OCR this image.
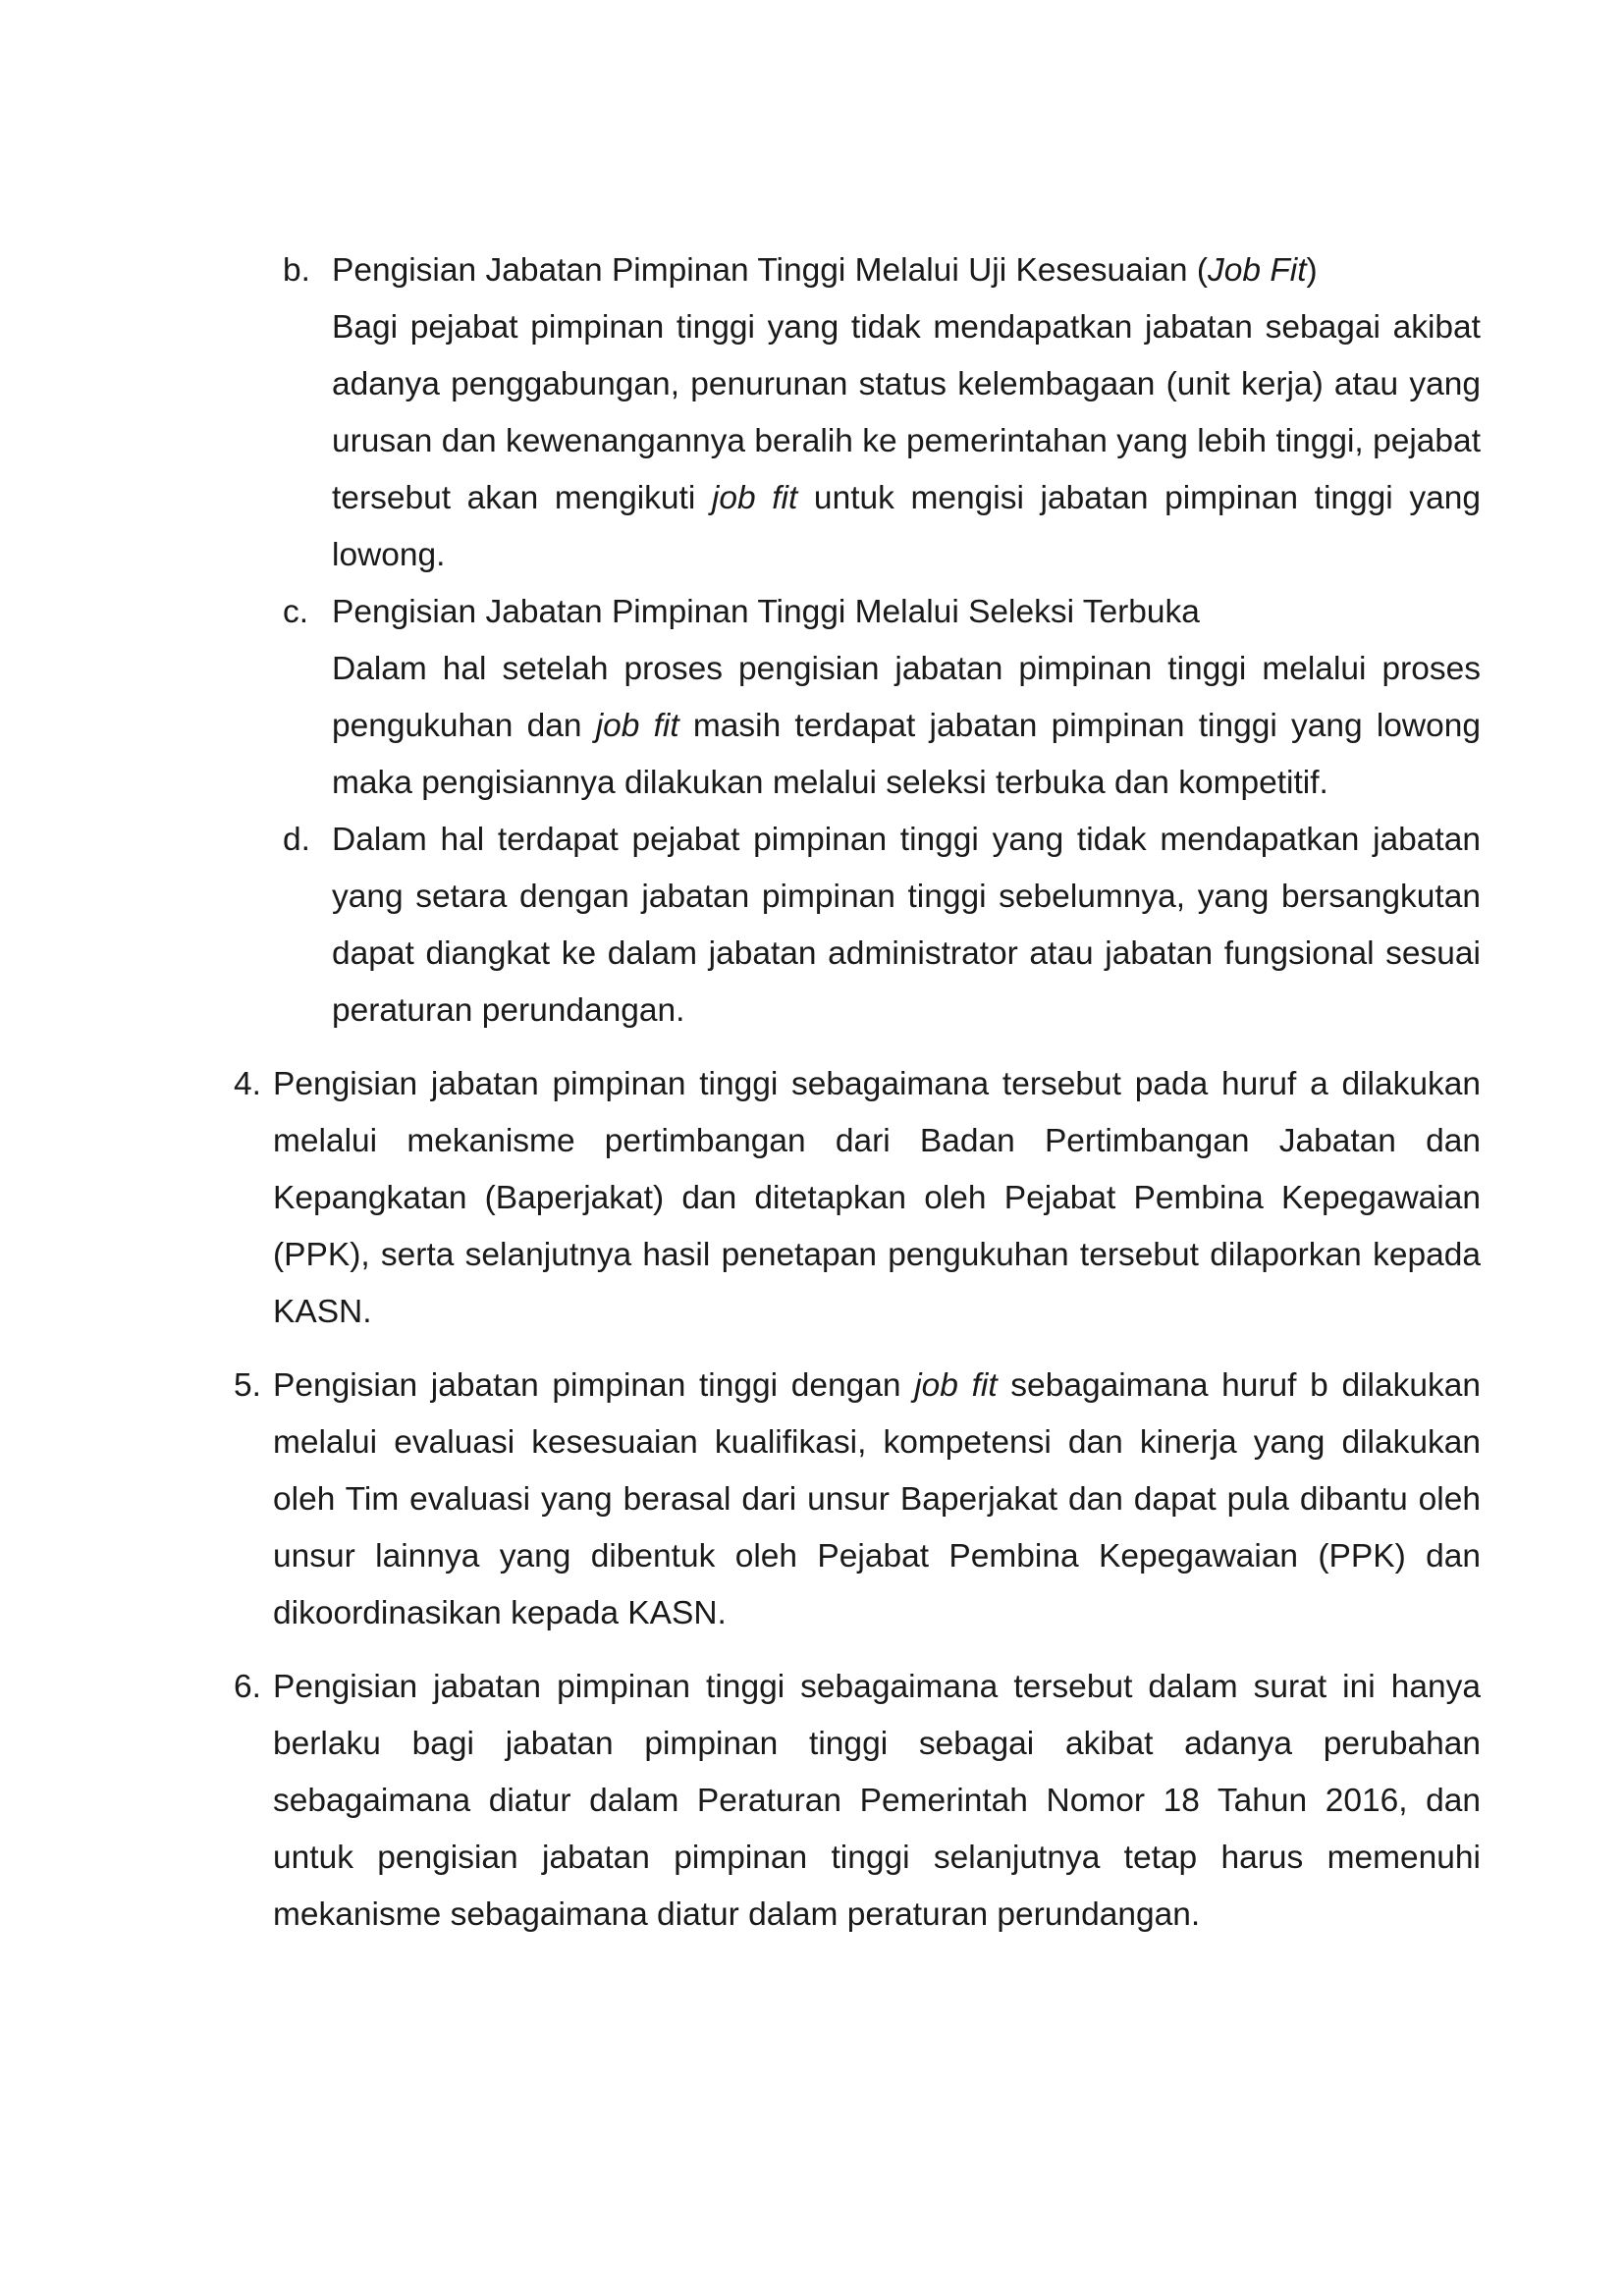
b. Pengisian Jabatan Pimpinan Tinggi Melalui Uji Kesesuaian (Job Fit)
Bagi pejabat pimpinan tinggi yang tidak mendapatkan jabatan sebagai akibat adanya penggabungan, penurunan status kelembagaan (unit kerja) atau yang urusan dan kewenangannya beralih ke pemerintahan yang lebih tinggi, pejabat tersebut akan mengikuti job fit untuk mengisi jabatan pimpinan tinggi yang lowong.
c. Pengisian Jabatan Pimpinan Tinggi Melalui Seleksi Terbuka
Dalam hal setelah proses pengisian jabatan pimpinan tinggi melalui proses pengukuhan dan job fit masih terdapat jabatan pimpinan tinggi yang lowong maka pengisiannya dilakukan melalui seleksi terbuka dan kompetitif.
d. Dalam hal terdapat pejabat pimpinan tinggi yang tidak mendapatkan jabatan yang setara dengan jabatan pimpinan tinggi sebelumnya, yang bersangkutan dapat diangkat ke dalam jabatan administrator atau jabatan fungsional sesuai peraturan perundangan.
4. Pengisian jabatan pimpinan tinggi sebagaimana tersebut pada huruf a dilakukan melalui mekanisme pertimbangan dari Badan Pertimbangan Jabatan dan Kepangkatan (Baperjakat) dan ditetapkan oleh Pejabat Pembina Kepegawaian (PPK), serta selanjutnya hasil penetapan pengukuhan tersebut dilaporkan kepada KASN.
5. Pengisian jabatan pimpinan tinggi dengan job fit sebagaimana huruf b dilakukan melalui evaluasi kesesuaian kualifikasi, kompetensi dan kinerja yang dilakukan oleh Tim evaluasi yang berasal dari unsur Baperjakat dan dapat pula dibantu oleh unsur lainnya yang dibentuk oleh Pejabat Pembina Kepegawaian (PPK) dan dikoordinasikan kepada KASN.
6. Pengisian jabatan pimpinan tinggi sebagaimana tersebut dalam surat ini hanya berlaku bagi jabatan pimpinan tinggi sebagai akibat adanya perubahan sebagaimana diatur dalam Peraturan Pemerintah Nomor 18 Tahun 2016, dan untuk pengisian jabatan pimpinan tinggi selanjutnya tetap harus memenuhi mekanisme sebagaimana diatur dalam peraturan perundangan.
